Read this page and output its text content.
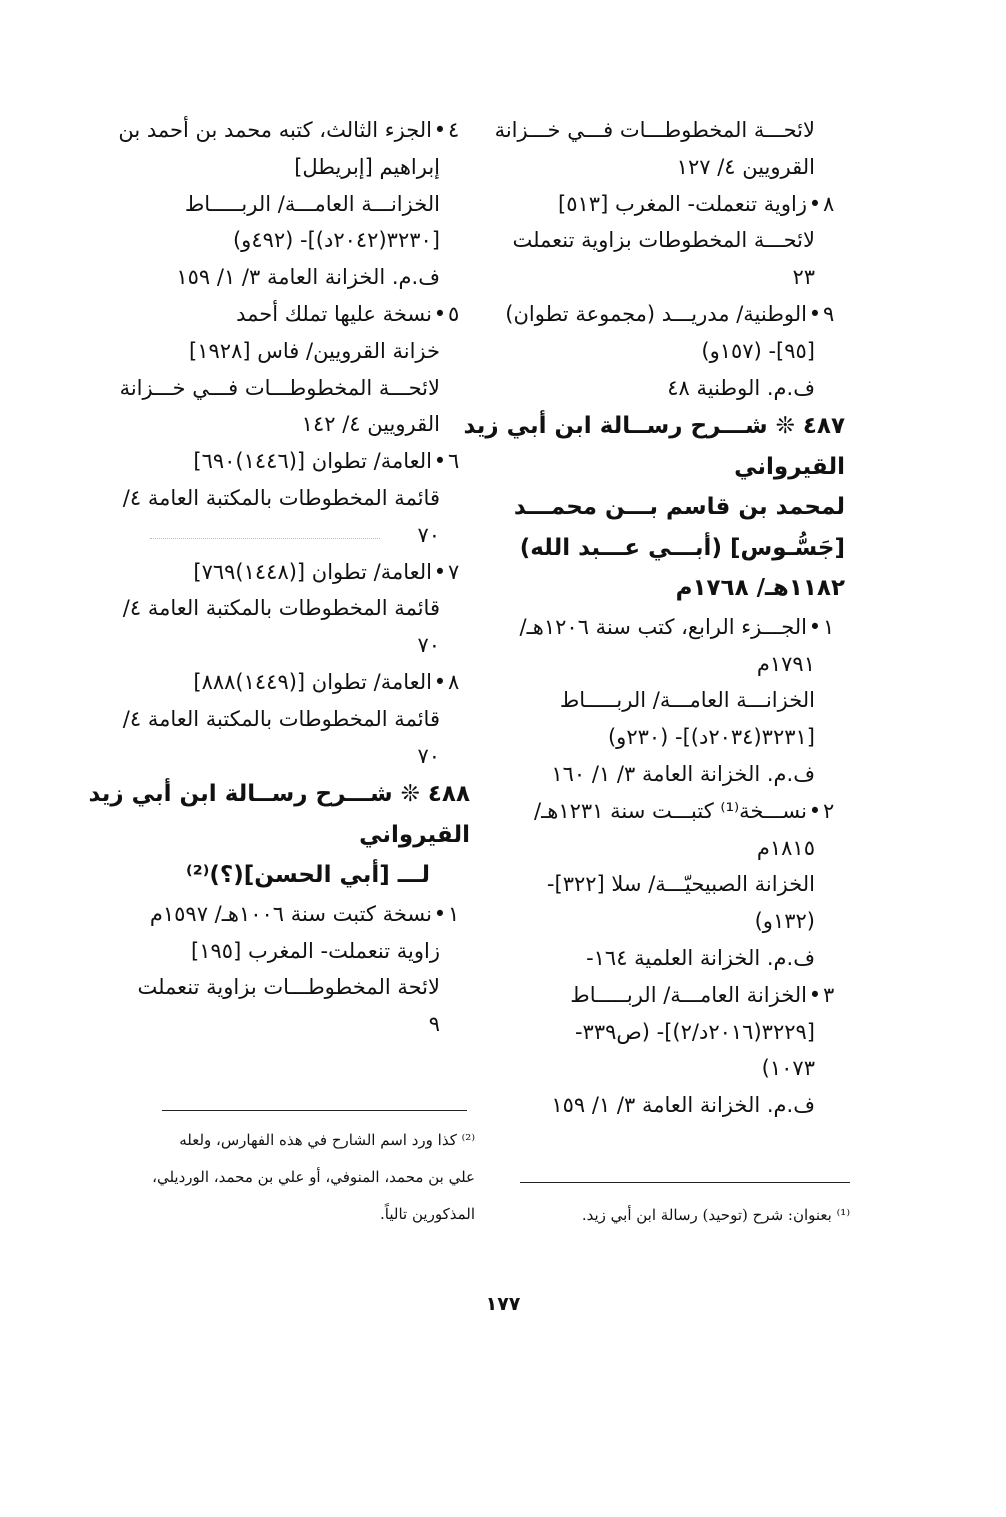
لائحـــة المخطوطـــات فـــي خـــزانة
القرويين ٤/ ١٢٧
٨•زاوية تنعملت- المغرب [٥١٣]
لائحـــة المخطوطات بزاوية تنعملت
٢٣
٩•الوطنية/ مدريـــد (مجموعة تطوان)
[٩٥]- (١٥٧و)
ف.م. الوطنية ٤٨
٤٨٧ ❊ شـــرح رســالة ابن أبي زيد
القيرواني
لمحمد بن قاسم بـــن محمـــد
[جَسُّـوس] (أبـــي عـــبد الله)
١١٨٢هـ/ ١٧٦٨م
١•الجـــزء الرابع، كتب سنة ١٢٠٦هـ/
١٧٩١م
الخزانـــة العامـــة/ الربـــــاط
[٣٢٣١(٢٠٣٤د)]- (٢٣٠و)
ف.م. الخزانة العامة ٣/ ١/ ١٦٠
٢•نســـخة⁽¹⁾ كتبـــت سنة ١٢٣١هـ/
١٨١٥م
الخزانة الصبيحيّـــة/ سلا [٣٢٢]-
(١٣٢و)
ف.م. الخزانة العلمية ١٦٤-
٣•الخزانة العامـــة/ الربـــــاط
[٣٢٢٩(٢٠١٦د/٢)]- (ص٣٣٩-
١٠٧٣)
ف.م. الخزانة العامة ٣/ ١/ ١٥٩
٤•الجزء الثالث، كتبه محمد بن أحمد بن
إبراهيم [إبريطل]
الخزانـــة العامـــة/ الربـــــاط
[٣٢٣٠(٢٠٤٢د)]- (٤٩٢و)
ف.م. الخزانة العامة ٣/ ١/ ١٥٩
٥•نسخة عليها تملك أحمد
خزانة القرويين/ فاس [١٩٢٨]
لائحـــة المخطوطـــات فـــي خـــزانة
القرويين ٤/ ١٤٢
٦•العامة/ تطوان [(١٤٤٦)٦٩٠]
قائمة المخطوطات بالمكتبة العامة ٤/
٧٠
٧•العامة/ تطوان [(١٤٤٨)٧٦٩]
قائمة المخطوطات بالمكتبة العامة ٤/
٧٠
٨•العامة/ تطوان [(١٤٤٩)٨٨٨]
قائمة المخطوطات بالمكتبة العامة ٤/
٧٠
٤٨٨ ❊ شـــرح رســالة ابن أبي زيد
القيرواني
لـــ [أبي الحسن](؟)⁽²⁾
١•نسخة كتبت سنة ١٠٠٦هـ/ ١٥٩٧م
زاوية تنعملت- المغرب [١٩٥]
لائحة المخطوطـــات بزاوية تنعملت
٩
⁽¹⁾ بعنوان: شرح (توحيد) رسالة ابن أبي زيد.
⁽²⁾ كذا ورد اسم الشارح في هذه الفهارس، ولعله
علي بن محمد، المنوفي، أو علي بن محمد، الورديلي،
المذكورين تالياً.
١٧٧
